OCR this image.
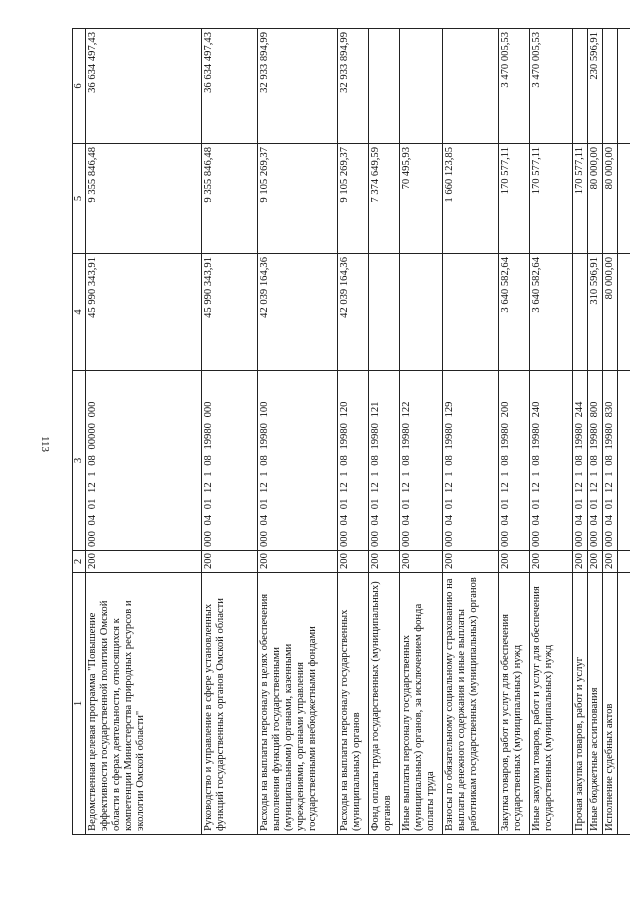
113
1	2	3	4	5	6
Ведомственная целевая программа "Повышение эффективности государственной политики Омской области в сферах деятельности, относящихся к компетенции Министерства природных ресурсов и экологии Омской области"	200	000 04 01 12 1 08 00000 000	45 990 343,91	9 355 846,48	36 634 497,43
Руководство и управление в сфере установленных функций государственных органов Омской области	200	000 04 01 12 1 08 19980 000	45 990 343,91	9 355 846,48	36 634 497,43
Расходы на выплаты персоналу в целях обеспечения выполнения функций государственными (муниципальными) органами, казенными учреждениями, органами управления государственными внебюджетными фондами	200	000 04 01 12 1 08 19980 100	42 039 164,36	9 105 269,37	32 933 894,99
Расходы на выплаты персоналу государственных (муниципальных) органов	200	000 04 01 12 1 08 19980 120	42 039 164,36	9 105 269,37	32 933 894,99
Фонд оплаты труда государственных (муниципальных) органов	200	000 04 01 12 1 08 19980 121		7 374 649,59	
Иные выплаты персоналу государственных (муниципальных) органов, за исключением фонда оплаты труда	200	000 04 01 12 1 08 19980 122		70 495,93	
Взносы по обязательному социальному страхованию на выплаты денежного содержания и иные выплаты работникам государственных (муниципальных) органов	200	000 04 01 12 1 08 19980 129		1 660 123,85	
Закупка товаров, работ и услуг для обеспечения государственных (муниципальных) нужд	200	000 04 01 12 1 08 19980 200	3 640 582,64	170 577,11	3 470 005,53
Иные закупки товаров, работ и услуг для обеспечения государственных (муниципальных) нужд	200	000 04 01 12 1 08 19980 240	3 640 582,64	170 577,11	3 470 005,53
Прочая закупка товаров, работ и услуг	200	000 04 01 12 1 08 19980 244		170 577,11	
Иные бюджетные ассигнования	200	000 04 01 12 1 08 19980 800	310 596,91	80 000,00	230 596,91
Исполнение судебных актов	200	000 04 01 12 1 08 19980 830	80 000,00	80 000,00	
